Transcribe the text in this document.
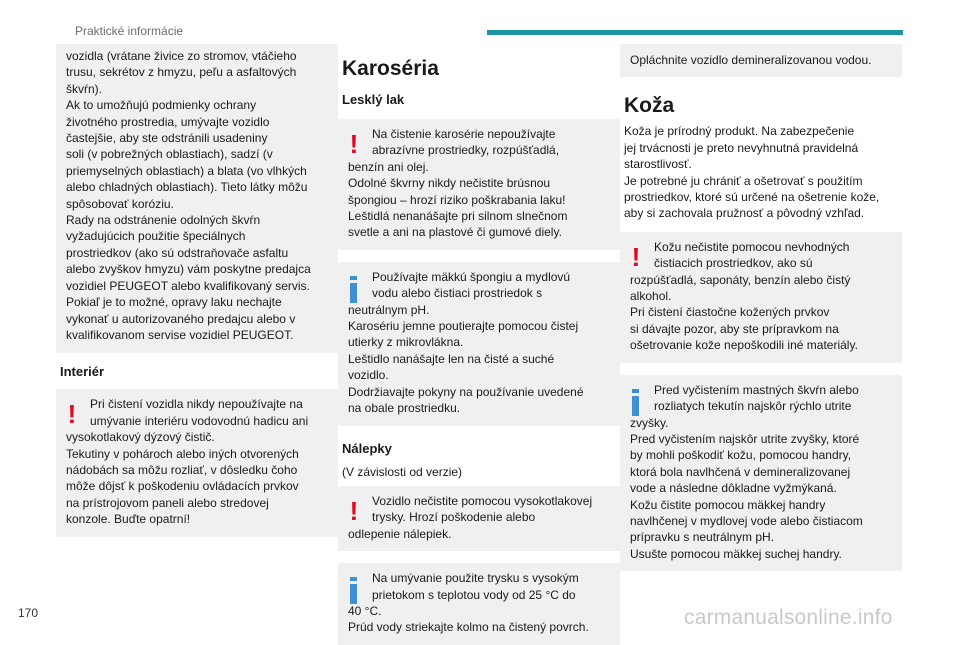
Praktické informácie

vozidla (vrátane živice zo stromov, vtáčieho
trusu, sekrétov z hmyzu, peľu a asfaltových
škvŕn).
Ak to umožňujú podmienky ochrany
životného prostredia, umývajte vozidlo
častejšie, aby ste odstránili usadeniny
soli (v pobrežných oblastiach), sadzí (v
priemyselných oblastiach) a blata (vo vlhkých
alebo chladných oblastiach). Tieto látky môžu
spôsobovať koróziu.
Rady na odstránenie odolných škvŕn
vyžadujúcich použitie špeciálnych
prostriedkov (ako sú odstraňovače asfaltu
alebo zvyškov hmyzu) vám poskytne predajca
vozidiel PEUGEOT alebo kvalifikovaný servis.
Pokiaľ je to možné, opravy laku nechajte
vykonať u autorizovaného predajcu alebo v
kvalifikovanom servise vozidiel PEUGEOT.

Interiér

!	Pri čistení vozidla nikdy nepoužívajte na
umývanie interiéru vodovodnú hadicu ani

vysokotlakový dýzový čistič.
Tekutiny v pohároch alebo iných otvorených
nádobách sa môžu rozliať, v dôsledku čoho
môže dôjsť k poškodeniu ovládacích prvkov
na prístrojovom paneli alebo stredovej
konzole. Buďte opatrní!

Karoséria

Lesklý lak

!	Na čistenie karosérie nepoužívajte
abrazívne prostriedky, rozpúšťadlá,

benzín ani olej.
Odolné škvrny nikdy nečistite brúsnou
špongiou – hrozí riziko poškrabania laku!
Leštidlá nenanášajte pri silnom slnečnom
svetle a ani na plastové či gumové diely.

Používajte mäkkú špongiu a mydlovú
vodu alebo čistiaci prostriedok s

neutrálnym pH.
Karosériu jemne poutierajte pomocou čistej
utierky z mikrovlákna.
Leštidlo nanášajte len na čisté a suché
vozidlo.
Dodržiavajte pokyny na používanie uvedené
na obale prostriedku.

Nálepky

(V závislosti od verzie)

!	Vozidlo nečistite pomocou vysokotlakovej
trysky. Hrozí poškodenie alebo

odlepenie nálepiek.

Na umývanie použite trysku s vysokým
prietokom s teplotou vody od 25 °C do

40 °C.
Prúd vody striekajte kolmo na čistený povrch.

Opláchnite vozidlo demineralizovanou vodou.

Koža

Koža je prírodný produkt. Na zabezpečenie
jej trvácnosti je preto nevyhnutná pravidelná
starostlivosť.
Je potrebné ju chrániť a ošetrovať s použitím
prostriedkov, ktoré sú určené na ošetrenie kože,
aby si zachovala pružnosť a pôvodný vzhľad.

!	Kožu nečistite pomocou nevhodných
čistiacich prostriedkov, ako sú

rozpúšťadlá, saponáty, benzín alebo čistý
alkohol.
Pri čistení čiastočne kožených prvkov
si dávajte pozor, aby ste prípravkom na
ošetrovanie kože nepoškodili iné materiály.

Pred vyčistením mastných škvŕn alebo
rozliatych tekutín najskôr rýchlo utrite

zvyšky.
Pred vyčistením najskôr utrite zvyšky, ktoré
by mohli poškodiť kožu, pomocou handry,
ktorá bola navlhčená v demineralizovanej
vode a následne dôkladne vyžmýkaná.
Kožu čistite pomocou mäkkej handry
navlhčenej v mydlovej vode alebo čistiacom
prípravku s neutrálnym pH.
Usušte pomocou mäkkej suchej handry.

170	carmanualsonline.info
